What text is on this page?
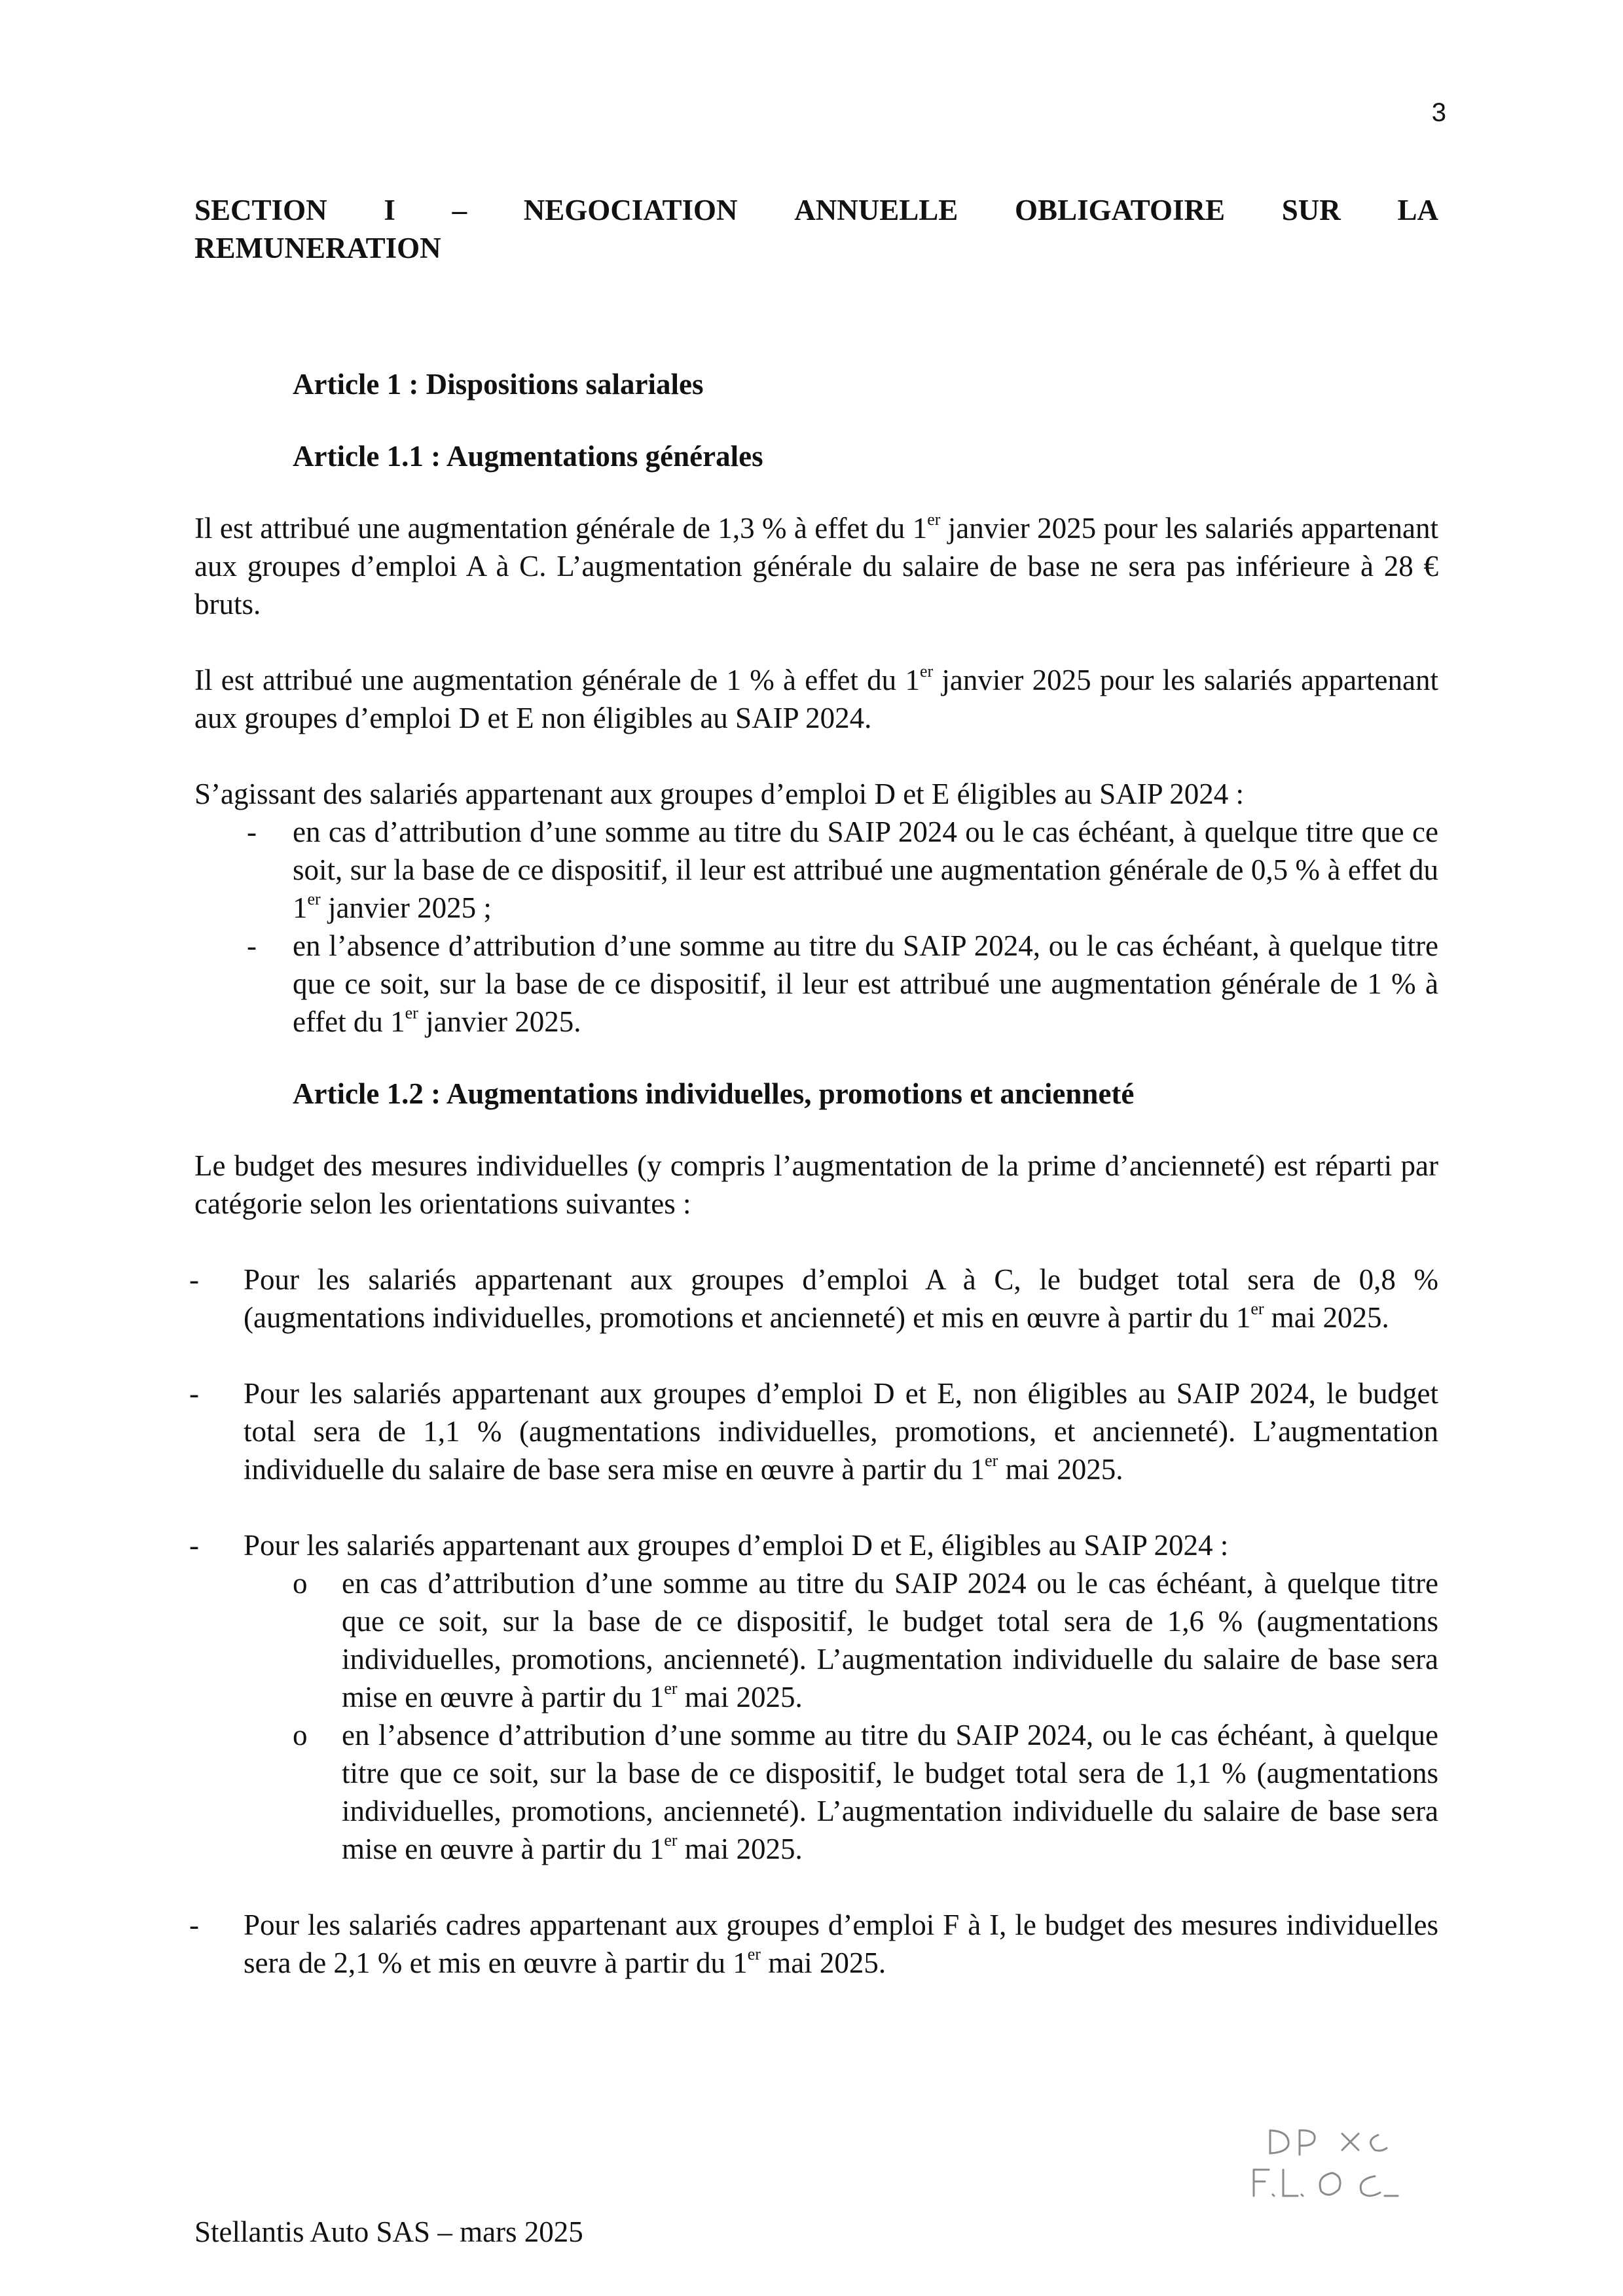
3
SECTION I – NEGOCIATION ANNUELLE OBLIGATOIRE SUR LA
REMUNERATION
Article 1 : Dispositions salariales
Article 1.1 : Augmentations générales

Il est attribué une augmentation générale de 1,3 % à effet du 1er janvier 2025 pour les salariés appartenant aux groupes d’emploi A à C. L’augmentation générale du salaire de base ne sera pas inférieure à 28 € bruts.

Il est attribué une augmentation générale de 1 % à effet du 1er janvier 2025 pour les salariés appartenant aux groupes d’emploi D et E non éligibles au SAIP 2024.

S’agissant des salariés appartenant aux groupes d’emploi D et E éligibles au SAIP 2024 :

- en cas d’attribution d’une somme au titre du SAIP 2024 ou le cas échéant, à quelque titre que ce soit, sur la base de ce dispositif, il leur est attribué une augmentation générale de 0,5 % à effet du 1er janvier 2025 ;
- en l’absence d’attribution d’une somme au titre du SAIP 2024, ou le cas échéant, à quelque titre que ce soit, sur la base de ce dispositif, il leur est attribué une augmentation générale de 1 % à effet du 1er janvier 2025.
Article 1.2 : Augmentations individuelles, promotions et ancienneté

Le budget des mesures individuelles (y compris l’augmentation de la prime d’ancienneté) est réparti par catégorie selon les orientations suivantes :

- Pour les salariés appartenant aux groupes d’emploi A à C, le budget total sera de 0,8 % (augmentations individuelles, promotions et ancienneté) et mis en œuvre à partir du 1er mai 2025.
- Pour les salariés appartenant aux groupes d’emploi D et E, non éligibles au SAIP 2024, le budget total sera de 1,1 % (augmentations individuelles, promotions, et ancienneté). L’augmentation individuelle du salaire de base sera mise en œuvre à partir du 1er mai 2025.
- Pour les salariés appartenant aux groupes d’emploi D et E, éligibles au SAIP 2024 :
o en cas d’attribution d’une somme au titre du SAIP 2024 ou le cas échéant, à quelque titre que ce soit, sur la base de ce dispositif, le budget total sera de 1,6 % (augmentations individuelles, promotions, ancienneté). L’augmentation individuelle du salaire de base sera mise en œuvre à partir du 1er mai 2025.
o en l’absence d’attribution d’une somme au titre du SAIP 2024, ou le cas échéant, à quelque titre que ce soit, sur la base de ce dispositif, le budget total sera de 1,1 % (augmentations individuelles, promotions, ancienneté). L’augmentation individuelle du salaire de base sera mise en œuvre à partir du 1er mai 2025.
- Pour les salariés cadres appartenant aux groupes d’emploi F à I, le budget des mesures individuelles sera de 2,1 % et mis en œuvre à partir du 1er mai 2025.
Stellantis Auto SAS – mars 2025
